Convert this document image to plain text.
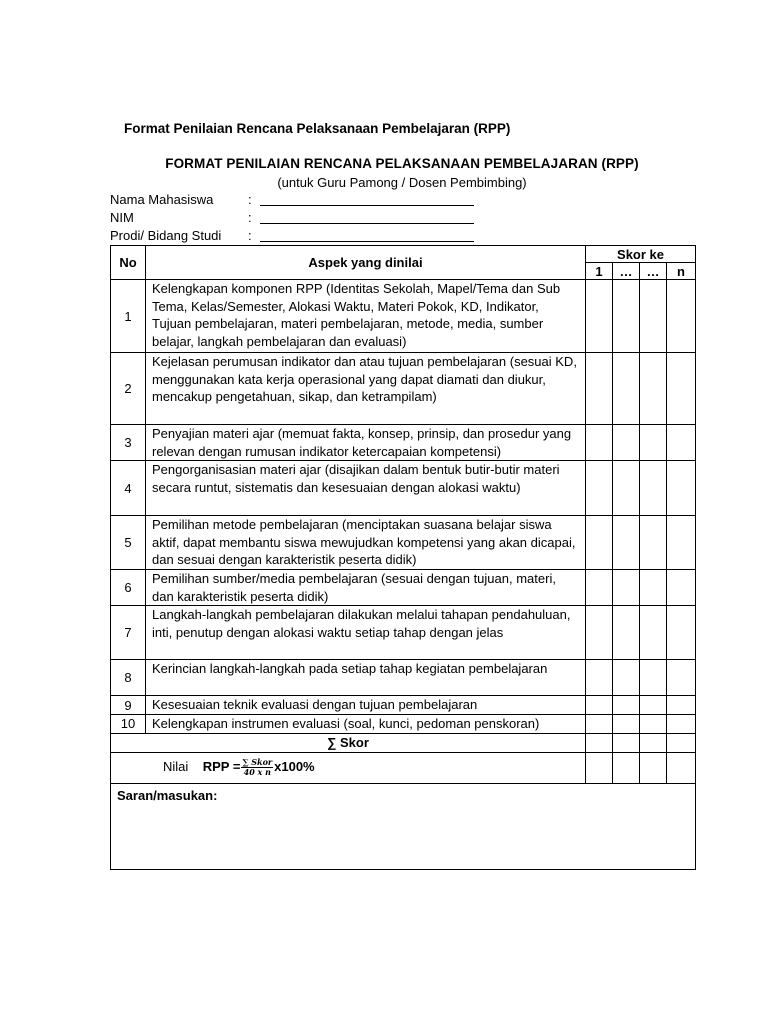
Format Penilaian Rencana Pelaksanaan Pembelajaran (RPP)
FORMAT PENILAIAN RENCANA PELAKSANAAN PEMBELAJARAN (RPP)
(untuk Guru Pamong / Dosen Pembimbing)
Nama Mahasiswa	:
NIM	:
Prodi/ Bidang Studi :
No	Aspek yang dinilai	Skor ke			
		1	…	…	n
1	Kelengkapan komponen RPP (Identitas Sekolah, Mapel/Tema dan Sub Tema, Kelas/Semester, Alokasi Waktu, Materi Pokok, KD, Indikator, Tujuan pembelajaran, materi pembelajaran, metode, media, sumber belajar, langkah pembelajaran dan evaluasi)				
2	Kejelasan perumusan indikator dan atau tujuan pembelajaran (sesuai KD, menggunakan kata kerja operasional yang dapat diamati dan diukur, mencakup pengetahuan, sikap, dan ketrampilam)				
3	Penyajian materi ajar (memuat fakta, konsep, prinsip, dan prosedur yang relevan dengan rumusan indikator ketercapaian kompetensi)				
4	Pengorganisasian materi ajar (disajikan dalam bentuk butir-butir materi secara runtut, sistematis dan kesesuaian dengan alokasi waktu)				
5	Pemilihan metode pembelajaran (menciptakan suasana belajar siswa aktif, dapat membantu siswa mewujudkan kompetensi yang akan dicapai, dan sesuai dengan karakteristik peserta didik)				
6	Pemilihan sumber/media pembelajaran (sesuai dengan tujuan, materi, dan karakteristik peserta didik)				
7	Langkah-langkah pembelajaran dilakukan melalui tahapan pendahuluan, inti, penutup dengan alokasi waktu setiap tahap dengan jelas				
8	Kerincian langkah-langkah pada setiap tahap kegiatan pembelajaran				
9	Kesesuaian teknik evaluasi dengan tujuan pembelajaran				
10	Kelengkapan instrumen evaluasi (soal, kunci, pedoman penskoran)				
∑ Skor					
Nilai RPP = $\frac{\text{∑ Skor}}{\text{40 x n}} x100\%$					
Saran/masukan:					
